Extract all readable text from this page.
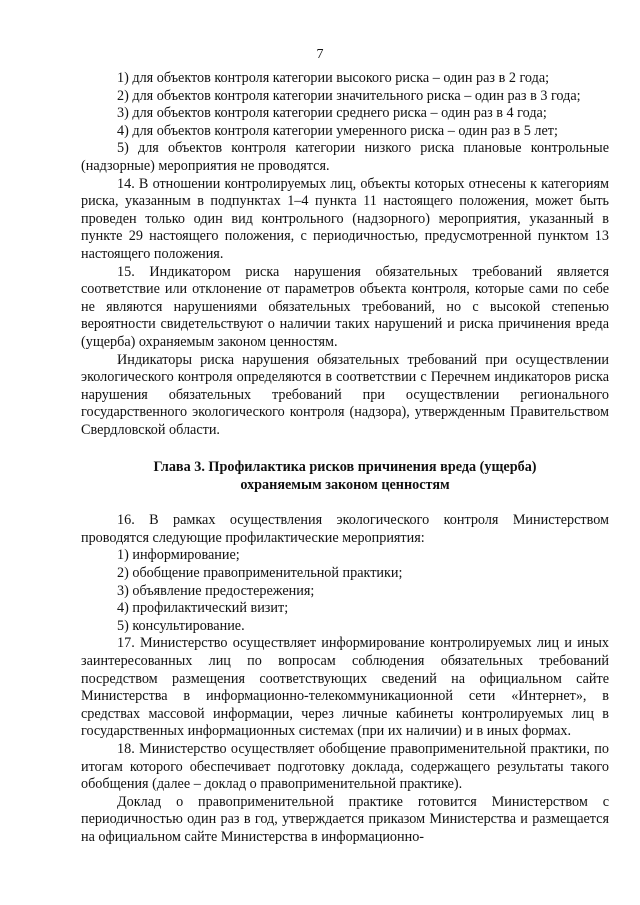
7

1) для объектов контроля категории высокого риска – один раз в 2 года;

2) для объектов контроля категории значительного риска – один раз в 3 года;

3) для объектов контроля категории среднего риска – один раз в 4 года;

4) для объектов контроля категории умеренного риска – один раз в 5 лет;

5) для объектов контроля категории низкого риска плановые контрольные (надзорные) мероприятия не проводятся.

14. В отношении контролируемых лиц, объекты которых отнесены к категориям риска, указанным в подпунктах 1–4 пункта 11 настоящего положения, может быть проведен только один вид контрольного (надзорного) мероприятия, указанный в пункте 29 настоящего положения, с периодичностью, предусмотренной пунктом 13 настоящего положения.

15. Индикатором риска нарушения обязательных требований является соответствие или отклонение от параметров объекта контроля, которые сами по себе не являются нарушениями обязательных требований, но с высокой степенью вероятности свидетельствуют о наличии таких нарушений и риска причинения вреда (ущерба) охраняемым законом ценностям.

Индикаторы риска нарушения обязательных требований при осуществлении экологического контроля определяются в соответствии с Перечнем индикаторов риска нарушения обязательных требований при осуществлении регионального государственного экологического контроля (надзора), утвержденным Правительством Свердловской области.

Глава 3. Профилактика рисков причинения вреда (ущерба)
охраняемым законом ценностям

16. В рамках осуществления экологического контроля Министерством проводятся следующие профилактические мероприятия:

1) информирование;

2) обобщение правоприменительной практики;

3) объявление предостережения;

4) профилактический визит;

5) консультирование.

17. Министерство осуществляет информирование контролируемых лиц и иных заинтересованных лиц по вопросам соблюдения обязательных требований посредством размещения соответствующих сведений на официальном сайте Министерства в информационно-телекоммуникационной сети «Интернет», в средствах массовой информации, через личные кабинеты контролируемых лиц в государственных информационных системах (при их наличии) и в иных формах.

18. Министерство осуществляет обобщение правоприменительной практики, по итогам которого обеспечивает подготовку доклада, содержащего результаты такого обобщения (далее – доклад о правоприменительной практике).

Доклад о правоприменительной практике готовится Министерством с периодичностью один раз в год, утверждается приказом Министерства и размещается на официальном сайте Министерства в информационно-
